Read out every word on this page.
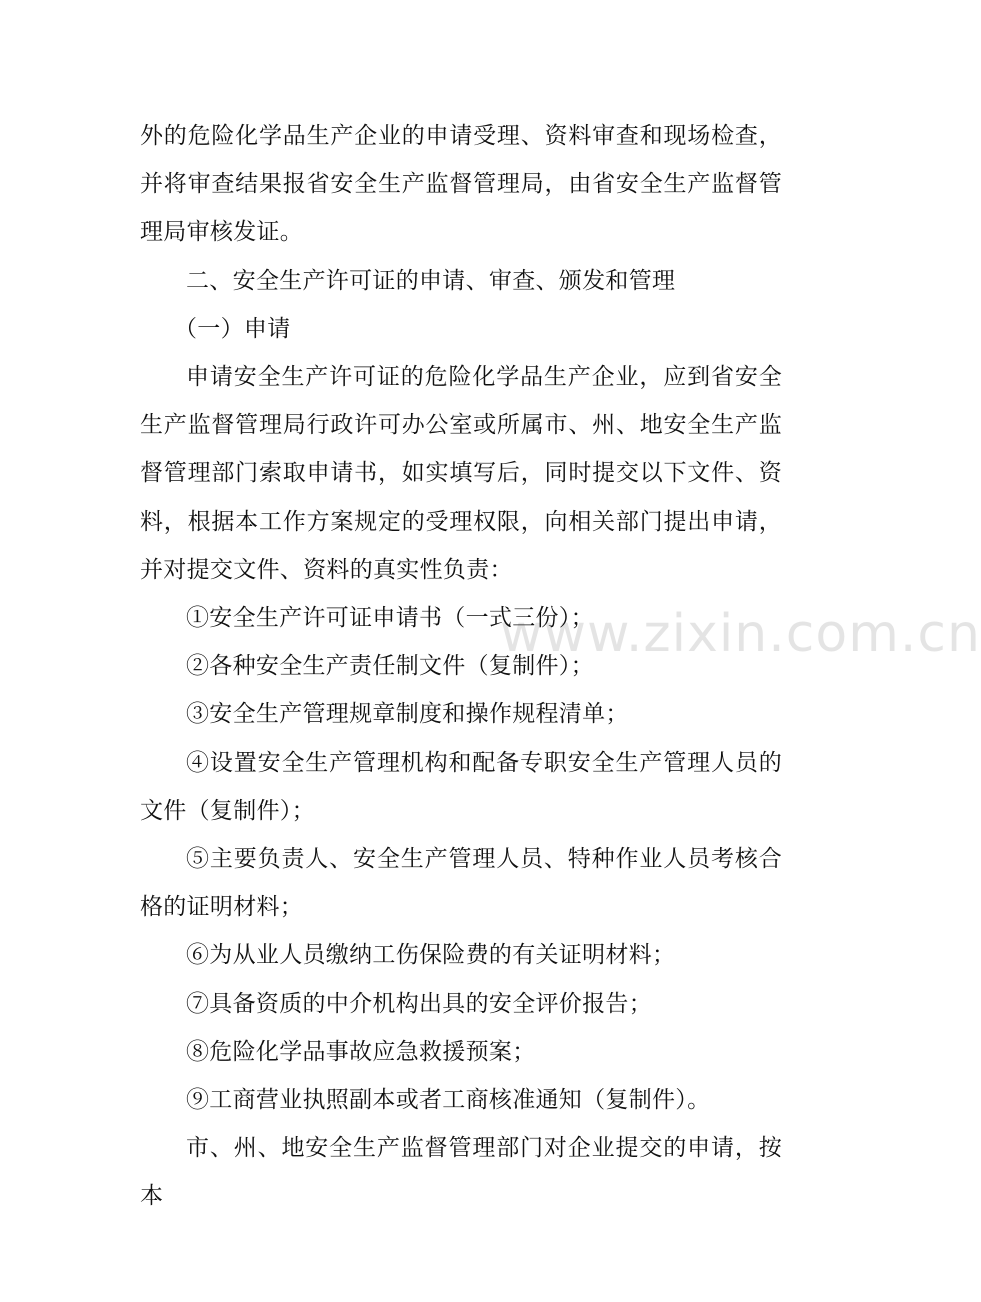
外的危险化学品生产企业的申请受理、资料审查和现场检查，并将审查结果报省安全生产监督管理局，由省安全生产监督管理局审核发证。

二、安全生产许可证的申请、审查、颁发和管理

（一）申请

申请安全生产许可证的危险化学品生产企业，应到省安全生产监督管理局行政许可办公室或所属市、州、地安全生产监督管理部门索取申请书，如实填写后，同时提交以下文件、资料，根据本工作方案规定的受理权限，向相关部门提出申请，并对提交文件、资料的真实性负责：

①安全生产许可证申请书（一式三份）；

②各种安全生产责任制文件（复制件）；

③安全生产管理规章制度和操作规程清单；

④设置安全生产管理机构和配备专职安全生产管理人员的文件（复制件）；

⑤主要负责人、安全生产管理人员、特种作业人员考核合格的证明材料；

⑥为从业人员缴纳工伤保险费的有关证明材料；

⑦具备资质的中介机构出具的安全评价报告；

⑧危险化学品事故应急救援预案；

⑨工商营业执照副本或者工商核准通知（复制件）。

市、州、地安全生产监督管理部门对企业提交的申请，按本

www.zixin.com.cn
